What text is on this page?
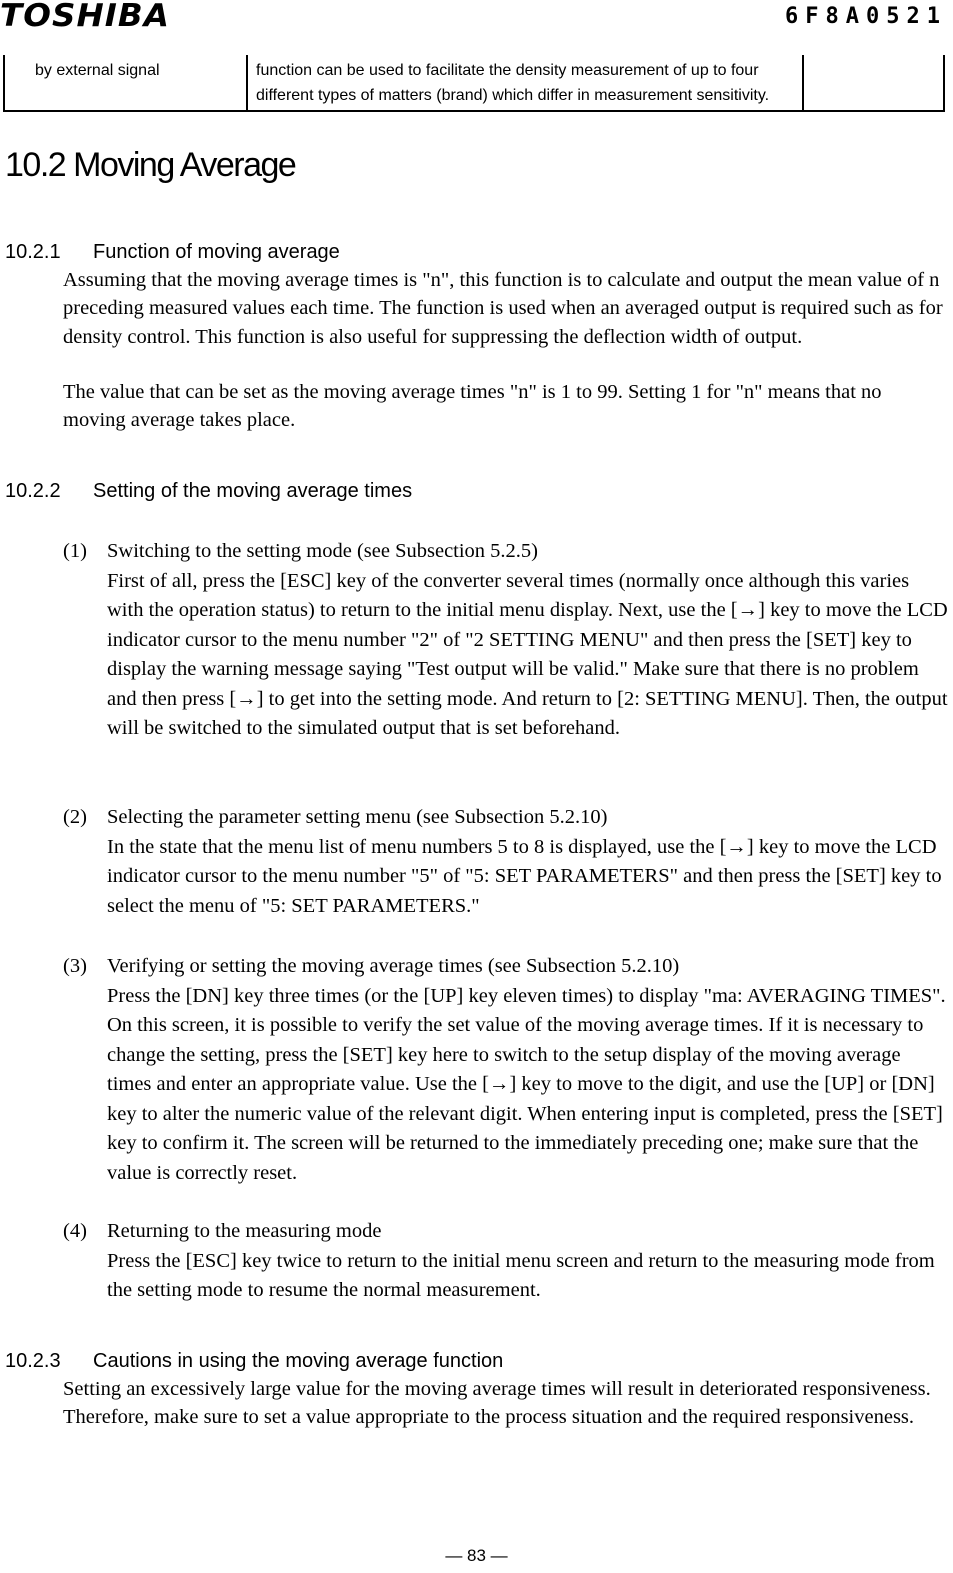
TOSHIBA	6F8A0521
by external signal	function can be used to facilitate the density measurement of up to four different types of matters (brand) which differ in measurement sensitivity.	
10.2 Moving Average
10.2.1 Function of moving average

Assuming that the moving average times is "n", this function is to calculate and output the mean value of n preceding measured values each time. The function is used when an averaged output is required such as for density control. This function is also useful for suppressing the deflection width of output.

The value that can be set as the moving average times "n" is 1 to 99. Setting 1 for "n" means that no moving average takes place.

10.2.2 Setting of the moving average times
(1) Switching to the setting mode (see Subsection 5.2.5)
First of all, press the [ESC] key of the converter several times (normally once although this varies with the operation status) to return to the initial menu display. Next, use the [→] key to move the LCD indicator cursor to the menu number "2" of "2 SETTING MENU" and then press the [SET] key to display the warning message saying "Test output will be valid." Make sure that there is no problem and then press [→] to get into the setting mode. And return to [2: SETTING MENU]. Then, the output will be switched to the simulated output that is set beforehand.
(2) Selecting the parameter setting menu (see Subsection 5.2.10)
In the state that the menu list of menu numbers 5 to 8 is displayed, use the [→] key to move the LCD indicator cursor to the menu number "5" of "5: SET PARAMETERS" and then press the [SET] key to select the menu of "5: SET PARAMETERS."
(3) Verifying or setting the moving average times (see Subsection 5.2.10)
Press the [DN] key three times (or the [UP] key eleven times) to display "ma: AVERAGING TIMES". On this screen, it is possible to verify the set value of the moving average times. If it is necessary to change the setting, press the [SET] key here to switch to the setup display of the moving average times and enter an appropriate value. Use the [→] key to move to the digit, and use the [UP] or [DN] key to alter the numeric value of the relevant digit. When entering input is completed, press the [SET] key to confirm it. The screen will be returned to the immediately preceding one; make sure that the value is correctly reset.
(4) Returning to the measuring mode
Press the [ESC] key twice to return to the initial menu screen and return to the measuring mode from the setting mode to resume the normal measurement.
10.2.3 Cautions in using the moving average function

Setting an excessively large value for the moving average times will result in deteriorated responsiveness. Therefore, make sure to set a value appropriate to the process situation and the required responsiveness.

— 83 —
